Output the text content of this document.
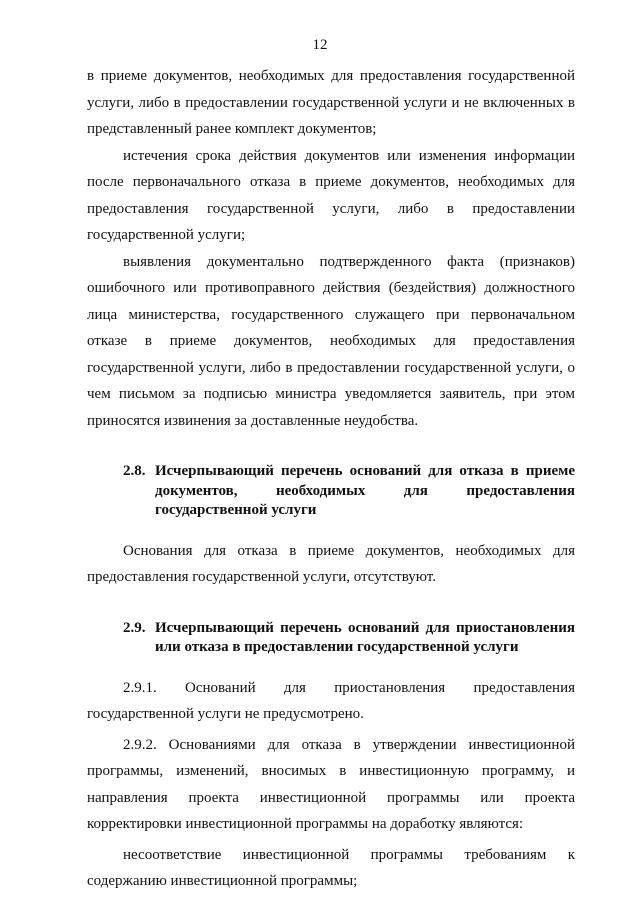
12

в приеме документов, необходимых для предоставления государственной услуги, либо в предоставлении государственной услуги и не включенных в представленный ранее комплект документов;

истечения срока действия документов или изменения информации после первоначального отказа в приеме документов, необходимых для предоставления государственной услуги, либо в предоставлении государственной услуги;

выявления документально подтвержденного факта (признаков) ошибочного или противоправного действия (бездействия) должностного лица министерства, государственного служащего при первоначальном отказе в приеме документов, необходимых для предоставления государственной услуги, либо в предоставлении государственной услуги, о чем письмом за подписью министра уведомляется заявитель, при этом приносятся извинения за доставленные неудобства.

2.8. Исчерпывающий перечень оснований для отказа в приеме документов, необходимых для предоставления государственной услуги

Основания для отказа в приеме документов, необходимых для предоставления государственной услуги, отсутствуют.

2.9. Исчерпывающий перечень оснований для приостановления или отказа в предоставлении государственной услуги

2.9.1. Оснований для приостановления предоставления государственной услуги не предусмотрено.

2.9.2. Основаниями для отказа в утверждении инвестиционной программы, изменений, вносимых в инвестиционную программу, и направления проекта инвестиционной программы или проекта корректировки инвестиционной программы на доработку являются:

несоответствие инвестиционной программы требованиям к содержанию инвестиционной программы;
